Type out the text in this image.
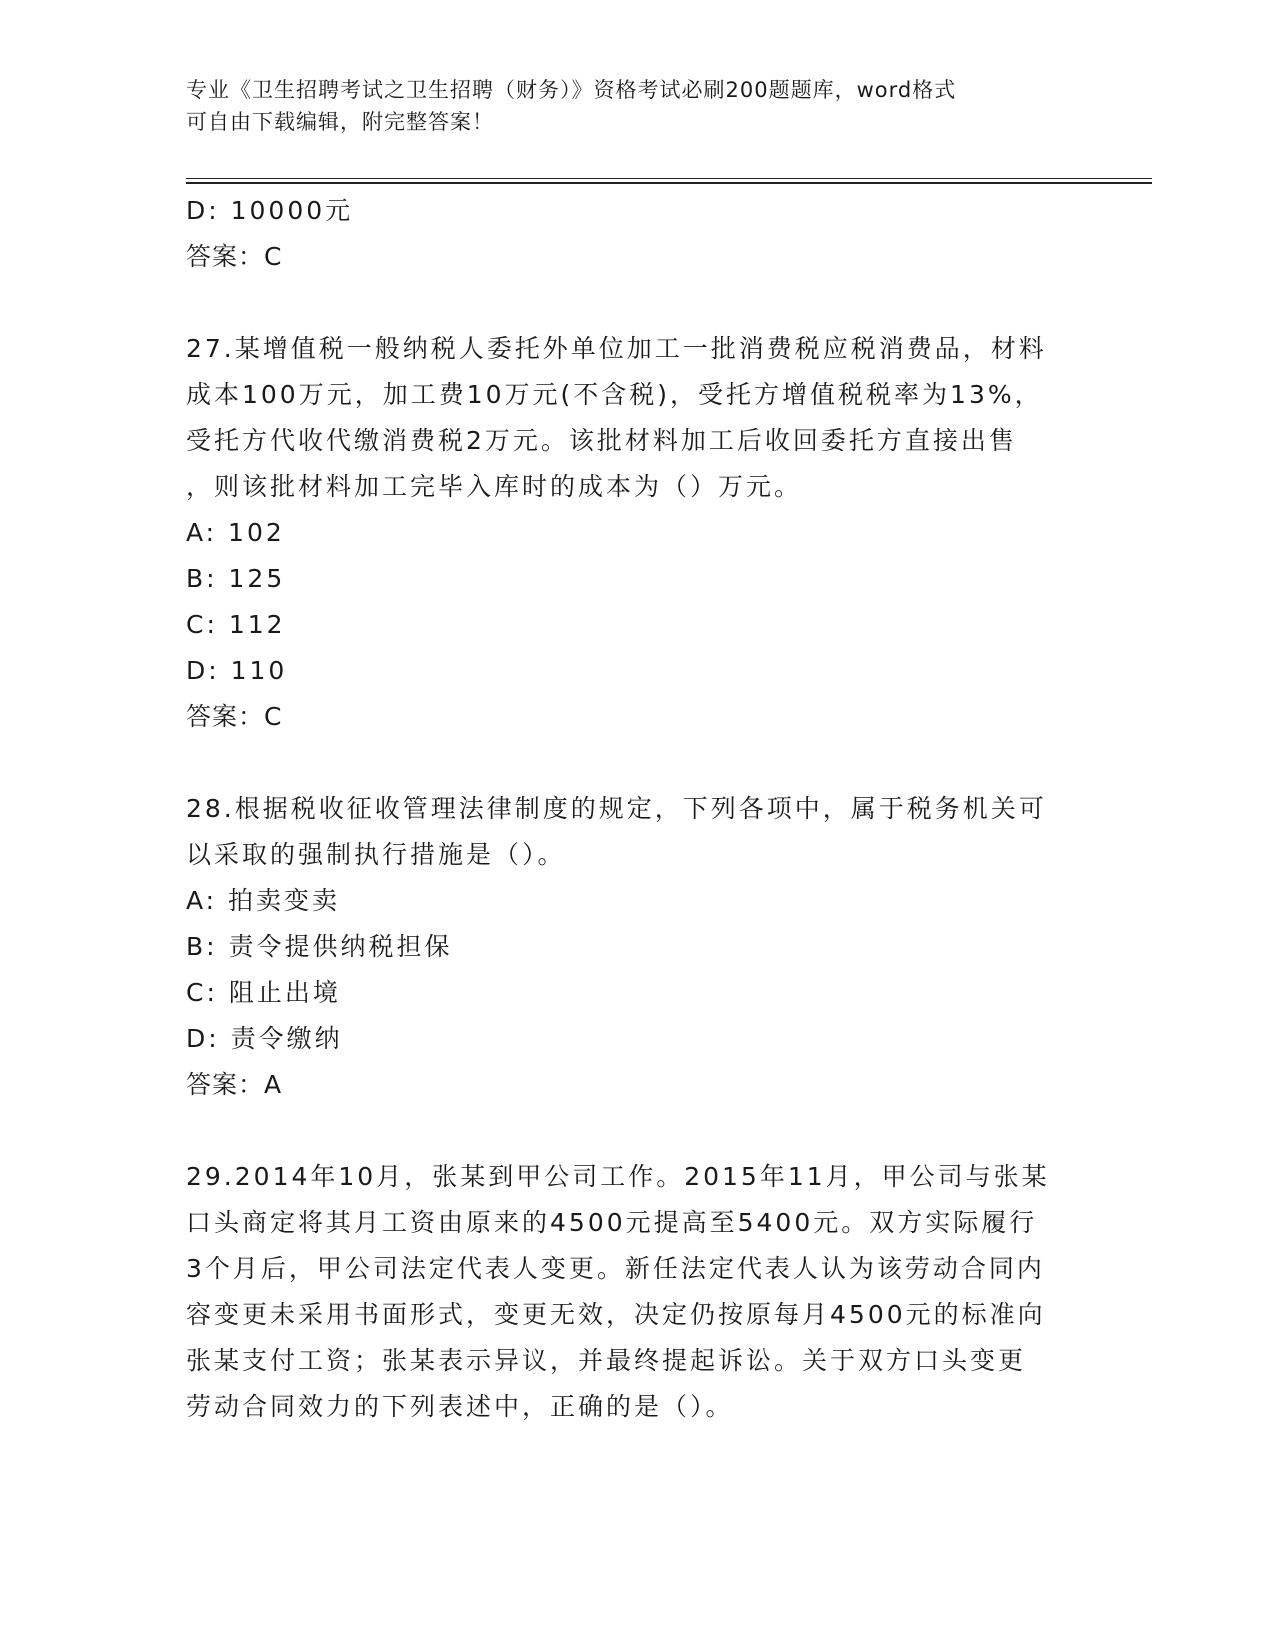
专业《卫生招聘考试之卫生招聘（财务）》资格考试必刷200题题库，word格式
可自由下载编辑，附完整答案！
D: 10000元
答案：C
27.某增值税一般纳税人委托外单位加工一批消费税应税消费品，材料
成本100万元，加工费10万元(不含税)，受托方增值税税率为13%，
受托方代收代缴消费税2万元。该批材料加工后收回委托方直接出售
，则该批材料加工完毕入库时的成本为（）万元。
A: 102
B: 125
C: 112
D: 110
答案：C
28.根据税收征收管理法律制度的规定，下列各项中，属于税务机关可
以采取的强制执行措施是（）。
A: 拍卖变卖
B: 责令提供纳税担保
C: 阻止出境
D: 责令缴纳
答案：A
29.2014年10月，张某到甲公司工作。2015年11月，甲公司与张某
口头商定将其月工资由原来的4500元提高至5400元。双方实际履行
3个月后，甲公司法定代表人变更。新任法定代表人认为该劳动合同内
容变更未采用书面形式，变更无效，决定仍按原每月4500元的标准向
张某支付工资；张某表示异议，并最终提起诉讼。关于双方口头变更
劳动合同效力的下列表述中，正确的是（）。
